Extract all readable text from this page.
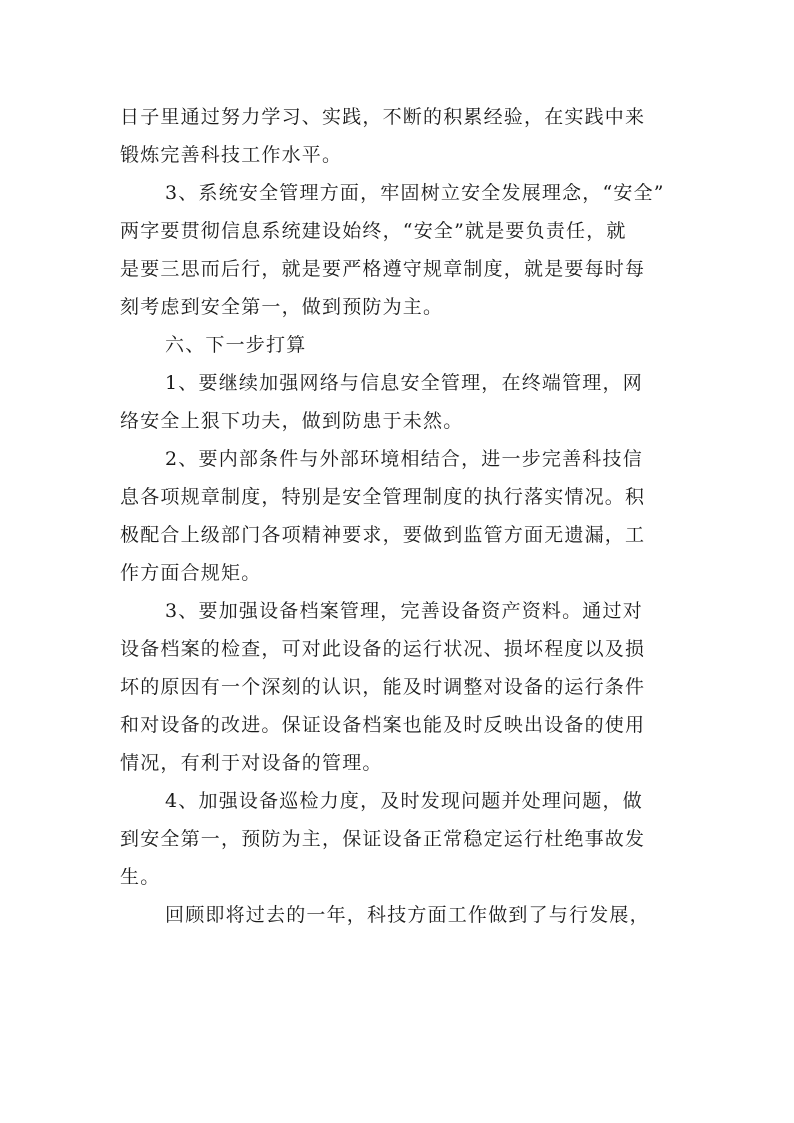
日子里通过努力学习、实践，不断的积累经验，在实践中来
锻炼完善科技工作水平。
3、系统安全管理方面，牢固树立安全发展理念，“安全”
两字要贯彻信息系统建设始终，“安全”就是要负责任，就
是要三思而后行，就是要严格遵守规章制度，就是要每时每
刻考虑到安全第一，做到预防为主。
六、下一步打算
1、要继续加强网络与信息安全管理，在终端管理，网
络安全上狠下功夫，做到防患于未然。
2、要内部条件与外部环境相结合，进一步完善科技信
息各项规章制度，特别是安全管理制度的执行落实情况。积
极配合上级部门各项精神要求，要做到监管方面无遗漏，工
作方面合规矩。
3、要加强设备档案管理，完善设备资产资料。通过对
设备档案的检查，可对此设备的运行状况、损坏程度以及损
坏的原因有一个深刻的认识，能及时调整对设备的运行条件
和对设备的改进。保证设备档案也能及时反映出设备的使用
情况，有利于对设备的管理。
4、加强设备巡检力度，及时发现问题并处理问题，做
到安全第一，预防为主，保证设备正常稳定运行杜绝事故发
生。
回顾即将过去的一年，科技方面工作做到了与行发展，
